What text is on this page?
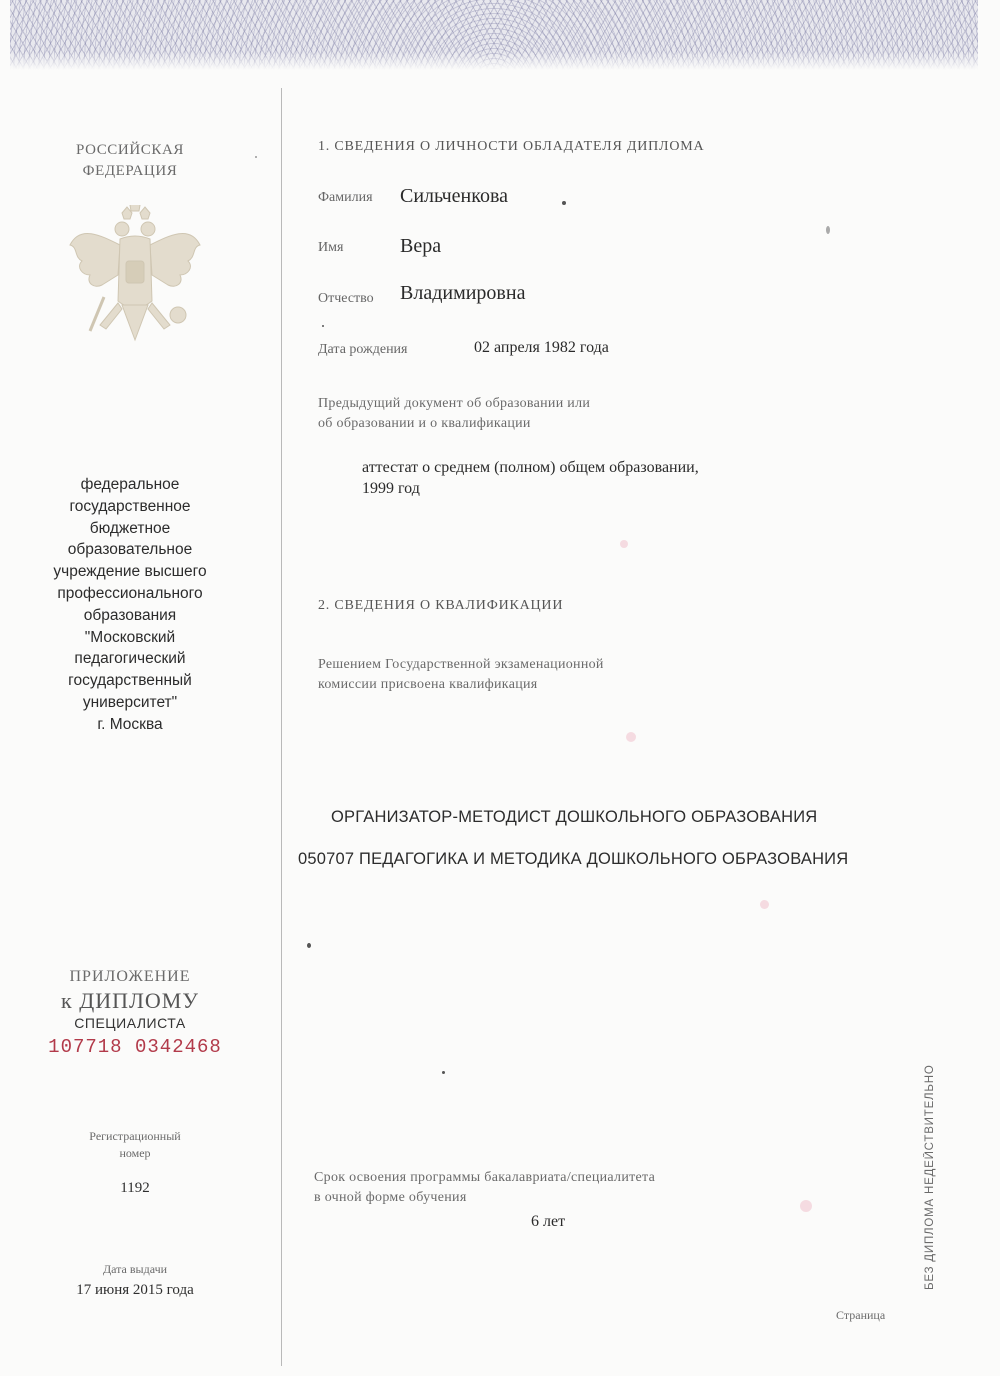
РОССИЙСКАЯ
ФЕДЕРАЦИЯ
федеральное
государственное
бюджетное
образовательное
учреждение высшего
профессионального
образования
"Московский
педагогический
государственный
университет"
г. Москва
ПРИЛОЖЕНИЕ
к ДИПЛОМУ
СПЕЦИАЛИСТА
107718 0342468
Регистрационный
номер
1192
Дата выдачи
17 июня 2015 года
1. СВЕДЕНИЯ О ЛИЧНОСТИ ОБЛАДАТЕЛЯ ДИПЛОМА
Фамилия Сильченкова
Имя	Вера
Отчество Владимировна
Дата рождения	02 апреля 1982 года
Предыдущий документ об образовании или
об образовании и о квалификации
аттестат о среднем (полном) общем образовании,
1999 год
2. СВЕДЕНИЯ О КВАЛИФИКАЦИИ
Решением Государственной экзаменационной
комиссии присвоена квалификация
ОРГАНИЗАТОР-МЕТОДИСТ ДОШКОЛЬНОГО ОБРАЗОВАНИЯ
050707 ПЕДАГОГИКА И МЕТОДИКА ДОШКОЛЬНОГО ОБРАЗОВАНИЯ
Срок освоения программы бакалавриата/специалитета
в очной форме обучения
6 лет	БЕЗ ДИПЛОМА НЕДЕЙСТВИТЕЛЬНО
Страница
